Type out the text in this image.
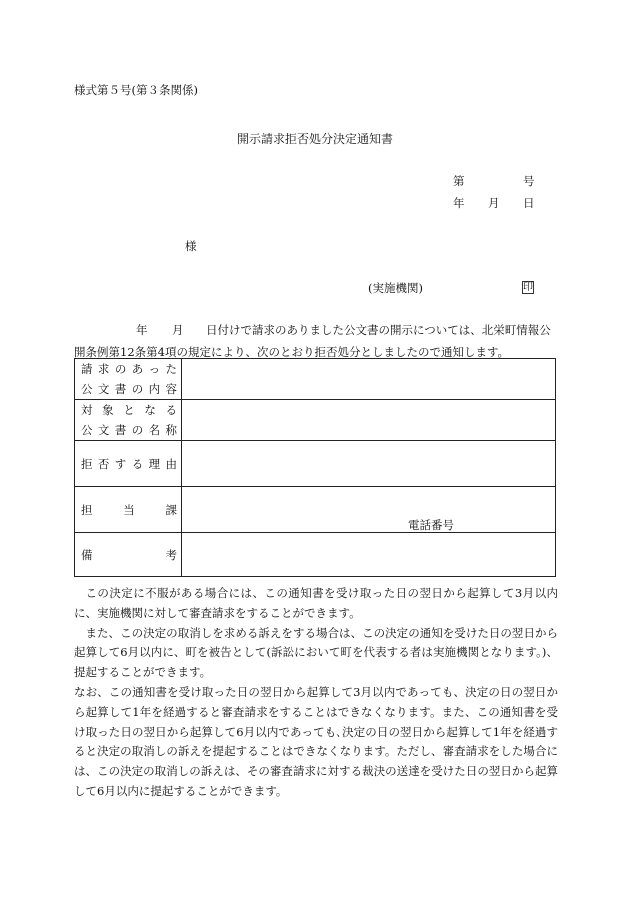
様式第５号(第３条関係)
開示請求拒否処分決定通知書
第	号
年 月 日
様
(実施機関)	印
年 月 日付けで請求のありました公文書の開示については、北栄町情報公
開条例第12条第4項の規定により、次のとおり拒否処分としましたので通知します。
請求のあった
公文書の内容	

対象となる
公文書の名称	

拒否する理由	

担当課	電話番号

備考	

この決定に不服がある場合には、この通知書を受け取った日の翌日から起算して3月以内に、実施機関に対して審査請求をすることができます。

また、この決定の取消しを求める訴えをする場合は、この決定の通知を受けた日の翌日から起算して6月以内に、町を被告として(訴訟において町を代表する者は実施機関となります。)、提起することができます。

なお、この通知書を受け取った日の翌日から起算して3月以内であっても、決定の日の翌日から起算して1年を経過すると審査請求をすることはできなくなります。また、この通知書を受け取った日の翌日から起算して6月以内であっても､決定の日の翌日から起算して1年を経過すると決定の取消しの訴えを提起することはできなくなります。ただし、審査請求をした場合には、この決定の取消しの訴えは、その審査請求に対する裁決の送達を受けた日の翌日から起算して6月以内に提起することができます。
